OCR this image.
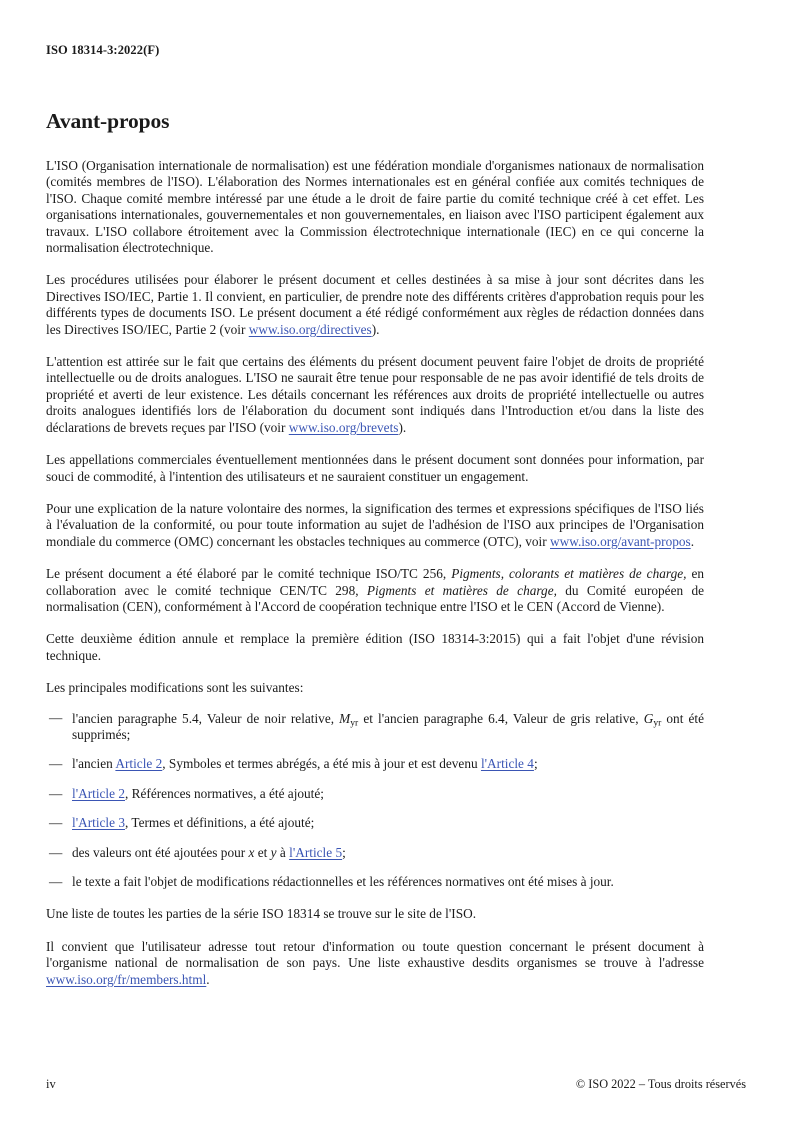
ISO 18314-3:2022(F)
Avant-propos

L'ISO (Organisation internationale de normalisation) est une fédération mondiale d'organismes nationaux de normalisation (comités membres de l'ISO). L'élaboration des Normes internationales est en général confiée aux comités techniques de l'ISO. Chaque comité membre intéressé par une étude a le droit de faire partie du comité technique créé à cet effet. Les organisations internationales, gouvernementales et non gouvernementales, en liaison avec l'ISO participent également aux travaux. L'ISO collabore étroitement avec la Commission électrotechnique internationale (IEC) en ce qui concerne la normalisation électrotechnique.

Les procédures utilisées pour élaborer le présent document et celles destinées à sa mise à jour sont décrites dans les Directives ISO/IEC, Partie 1. Il convient, en particulier, de prendre note des différents critères d'approbation requis pour les différents types de documents ISO. Le présent document a été rédigé conformément aux règles de rédaction données dans les Directives ISO/IEC, Partie 2 (voir www.iso.org/directives).

L'attention est attirée sur le fait que certains des éléments du présent document peuvent faire l'objet de droits de propriété intellectuelle ou de droits analogues. L'ISO ne saurait être tenue pour responsable de ne pas avoir identifié de tels droits de propriété et averti de leur existence. Les détails concernant les références aux droits de propriété intellectuelle ou autres droits analogues identifiés lors de l'élaboration du document sont indiqués dans l'Introduction et/ou dans la liste des déclarations de brevets reçues par l'ISO (voir www.iso.org/brevets).

Les appellations commerciales éventuellement mentionnées dans le présent document sont données pour information, par souci de commodité, à l'intention des utilisateurs et ne sauraient constituer un engagement.

Pour une explication de la nature volontaire des normes, la signification des termes et expressions spécifiques de l'ISO liés à l'évaluation de la conformité, ou pour toute information au sujet de l'adhésion de l'ISO aux principes de l'Organisation mondiale du commerce (OMC) concernant les obstacles techniques au commerce (OTC), voir www.iso.org/avant-propos.

Le présent document a été élaboré par le comité technique ISO/TC 256, Pigments, colorants et matières de charge, en collaboration avec le comité technique CEN/TC 298, Pigments et matières de charge, du Comité européen de normalisation (CEN), conformément à l'Accord de coopération technique entre l'ISO et le CEN (Accord de Vienne).

Cette deuxième édition annule et remplace la première édition (ISO 18314-3:2015) qui a fait l'objet d'une révision technique.

Les principales modifications sont les suivantes:

— l'ancien paragraphe 5.4, Valeur de noir relative, $M_{yr}$ et l'ancien paragraphe 6.4, Valeur de gris relative, $G_{yr}$ ont été supprimés;
— l'ancien Article 2, Symboles et termes abrégés, a été mis à jour et est devenu l'Article 4;
— l'Article 2, Références normatives, a été ajouté;
— l'Article 3, Termes et définitions, a été ajouté;
— des valeurs ont été ajoutées pour x et y à l'Article 5;
— le texte a fait l'objet de modifications rédactionnelles et les références normatives ont été mises à jour.

Une liste de toutes les parties de la série ISO 18314 se trouve sur le site de l'ISO.

Il convient que l'utilisateur adresse tout retour d'information ou toute question concernant le présent document à l'organisme national de normalisation de son pays. Une liste exhaustive desdits organismes se trouve à l'adresse www.iso.org/fr/members.html.

iv	© ISO 2022 – Tous droits réservés
